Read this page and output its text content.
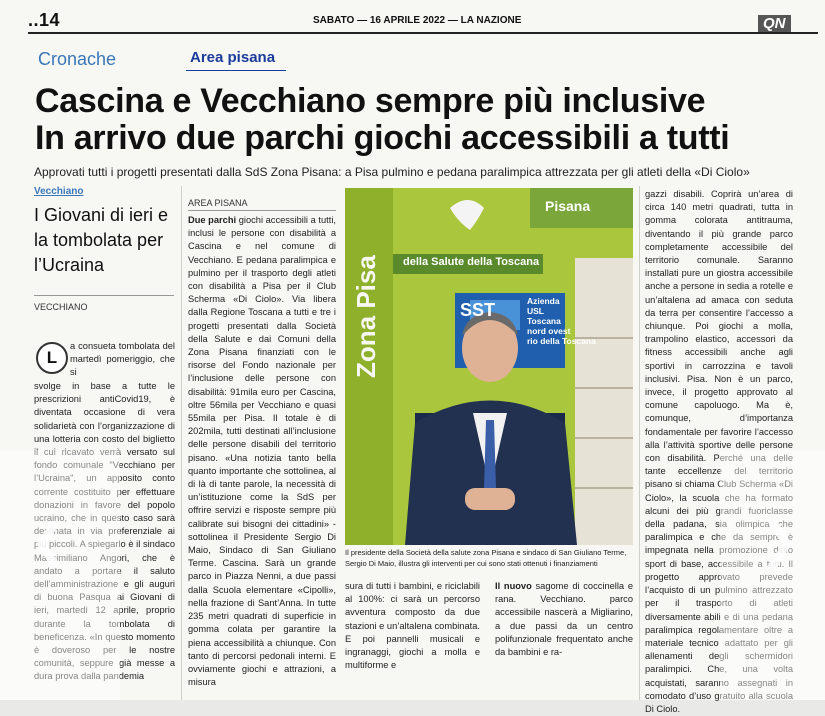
..14	SABATO — 16 APRILE 2022 — LA NAZIONE	QN
Cronache	Area pisana
Cascina e Vecchiano sempre più inclusive
In arrivo due parchi giochi accessibili a tutti
Approvati tutti i progetti presentati dalla SdS Zona Pisana: a Pisa pulmino e pedana paralimpica attrezzata per gli atleti della «Di Ciolo»
Vecchiano
I Giovani di ieri e la tombolata per l’Ucraina
VECCHIANO
L
a consueta tombolata del martedì pomeriggio, che si
svolge in base a tutte le prescrizioni antiCovid19, è diventata occasione di vera solidarietà con l’organizzazione di una lotteria con costo del biglietto il cui ricavato verrà versato sul fondo comunale "Vecchiano per l’Ucraina", un apposito conto corrente costituito per effettuare donazioni in favore del popolo ucraino, che in questo caso sarà destinata in via preferenziale ai più piccoli. A spiegarlo è il sindaco Massimiliano Angori, che è andato a portare il saluto dell’amministrazione e gli auguri di buona Pasqua ai Giovani di ieri, martedì 12 aprile, proprio durante la tombolata di beneficenza. «In questo momento è doveroso per le nostre comunità, seppure già messe a dura prova dalla pandemia
AREA PISANA
Due parchi giochi accessibili a tutti, inclusi le persone con disabilità a Cascina e nel comune di Vecchiano. E pedana paralimpica e pulmino per il trasporto degli atleti con disabilità a Pisa per il Club Scherma «Di Ciolo». Via libera dalla Regione Toscana a tutti e tre i progetti presentati dalla Società della Salute e dai Comuni della Zona Pisana finanziati con le risorse del Fondo nazionale per l’inclusione delle persone con disabilità: 91mila euro per Cascina, oltre 56mila per Vecchiano e quasi 55mila per Pisa. Il totale è di 202mila, tutti destinati all’inclusione delle persone disabili del territorio pisano. «Una notizia tanto bella quanto importante che sottolinea, al di là di tante parole, la necessità di un’istituzione come la SdS per offrire servizi e risposte sempre più calibrate sui bisogni dei cittadini» - sottolinea il Presidente Sergio Di Maio, Sindaco di San Giuliano Terme. Cascina. Sarà un grande parco in Piazza Nenni, a due passi dalla Scuola elementare «Cipolli», nella frazione di Sant’Anna. In tutte 235 metri quadrati di superficie in gomma colata per garantire la piena accessibilità a chiunque. Con tanto di percorsi pedonali interni. E ovviamente giochi e attrazioni, a misura
Zona Pisa
Pisanа
della Salute della Toscana
SST	Azienda
USL
Toscana
nord ovest
rio della Toscana
Il presidente della Società della salute zona Pisana e sindaco di San Giuliano Terme, Sergio Di Maio, illustra gli interventi per cui sono stati ottenuti i finanziamenti
sura di tutti i bambini, e riciclabili al 100%: ci sarà un percorso avventura composto da due stazioni e un’altalena combinata. E poi pannelli musicali e ingranaggi, giochi a molla e multiforme e
Il nuovo sagome di coccinella e rana. Vecchiano. parco accessibile nascerà a Migliarino, a due passi da un centro polifunzionale frequentato anche da bambini e ra-
gazzi disabili. Coprirà un’area di circa 140 metri quadrati, tutta in gomma colorata antitrauma, diventando il più grande parco completamente accessibile del territorio comunale. Saranno installati pure un giostra accessibile anche a persone in sedia a rotelle e un’altalena ad amaca con seduta da terra per consentire l’accesso a chiunque. Poi giochi a molla, trampolino elastico, accessori da fitness accessibili anche agli sportivi in carrozzina e tavoli inclusivi. Pisa. Non è un parco, invece, il progetto approvato al comune capoluogo. Ma è, comunque, d’importanza fondamentale per favorire l’accesso alla l’attività sportive delle persone con disabilità. Perché una delle tante eccellenze del territorio pisano si chiama Club Scherma «Di Ciolo», la scuola che ha formato alcuni dei più grandi fuoriclasse della padana, sia olimpica che paralimpica e che da sempre è impegnata nella promozione dello sport di base, accessibile a tutti. Il progetto approvato prevede l’acquisto di un pulmino attrezzato per il trasporto di atleti diversamente abili e di una pedana paralimpica regolamentare oltre a materiale tecnico adattato per gli allenamenti degli schermidori paralimpici. Che, una volta acquistati, saranno assegnati in comodato d’uso gratuito alla scuola Di Ciolo.
❮	❯
